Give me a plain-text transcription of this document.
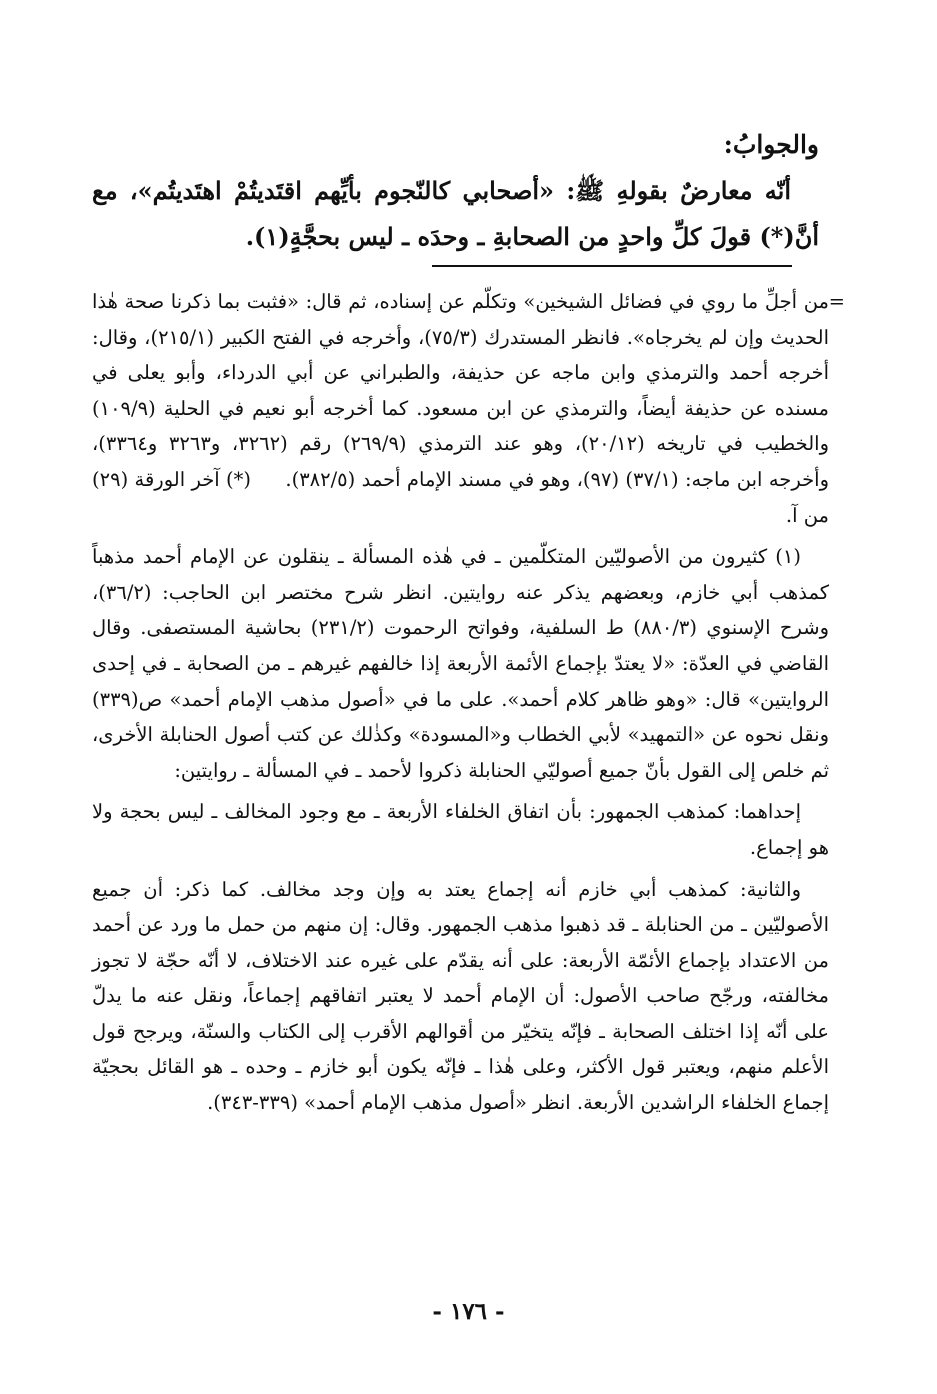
والجوابُ:

أنّه معارضٌ بقولهِ ﷺ: «أصحابي كالنّجوم بأيِّهم اقتَديتُمْ اهتَديتُم»، مع أنَّ(*) قولَ كلِّ واحدٍ من الصحابةِ ـ وحدَه ـ ليس بحجَّةٍ(١).

=
من أجلِّ ما روي في فضائل الشيخين» وتكلّم عن إسناده، ثم قال: «فثبت بما ذكرنا صحة هٰذا الحديث وإن لم يخرجاه». فانظر المستدرك (٧٥/٣)، وأخرجه في الفتح الكبير (٢١٥/١)، وقال: أخرجه أحمد والترمذي وابن ماجه عن حذيفة، والطبراني عن أبي الدرداء، وأبو يعلى في مسنده عن حذيفة أيضاً، والترمذي عن ابن مسعود. كما أخرجه أبو نعيم في الحلية (١٠٩/٩) والخطيب في تاريخه (٢٠/١٢)، وهو عند الترمذي (٢٦٩/٩) رقم (٣٢٦٢، و٣٢٦٣ و٣٣٦٤)، وأخرجه ابن ماجه: (٣٧/١) (٩٧)، وهو في مسند الإمام أحمد (٣٨٢/٥). (*) آخر الورقة (٢٩) من آ.

(١) كثيرون من الأصوليّين المتكلّمين ـ في هٰذه المسألة ـ ينقلون عن الإمام أحمد مذهباً كمذهب أبي خازم، وبعضهم يذكر عنه روايتين. انظر شرح مختصر ابن الحاجب: (٣٦/٢)، وشرح الإسنوي (٨٨٠/٣) ط السلفية، وفواتح الرحموت (٢٣١/٢) بحاشية المستصفى. وقال القاضي في العدّة: «لا يعتدّ بإجماع الأئمة الأربعة إذا خالفهم غيرهم ـ من الصحابة ـ في إحدى الروايتين» قال: «وهو ظاهر كلام أحمد». على ما في «أصول مذهب الإمام أحمد» ص(٣٣٩) ونقل نحوه عن «التمهيد» لأبي الخطاب و«المسودة» وكذٰلك عن كتب أصول الحنابلة الأخرى، ثم خلص إلى القول بأنّ جميع أصوليّي الحنابلة ذكروا لأحمد ـ في المسألة ـ روايتين:

إحداهما: كمذهب الجمهور: بأن اتفاق الخلفاء الأربعة ـ مع وجود المخالف ـ ليس بحجة ولا هو إجماع.

والثانية: كمذهب أبي خازم أنه إجماع يعتد به وإن وجد مخالف. كما ذكر: أن جميع الأصوليّين ـ من الحنابلة ـ قد ذهبوا مذهب الجمهور. وقال: إن منهم من حمل ما ورد عن أحمد من الاعتداد بإجماع الأئمّة الأربعة: على أنه يقدّم على غيره عند الاختلاف، لا أنّه حجّة لا تجوز مخالفته، ورجّح صاحب الأصول: أن الإمام أحمد لا يعتبر اتفاقهم إجماعاً، ونقل عنه ما يدلّ على أنّه إذا اختلف الصحابة ـ فإنّه يتخيّر من أقوالهم الأقرب إلى الكتاب والسنّة، ويرجح قول الأعلم منهم، ويعتبر قول الأكثر، وعلى هٰذا ـ فإنّه يكون أبو خازم ـ وحده ـ هو القائل بحجيّة إجماع الخلفاء الراشدين الأربعة. انظر «أصول مذهب الإمام أحمد» (٣٣٩-٣٤٣).

- ١٧٦ -
